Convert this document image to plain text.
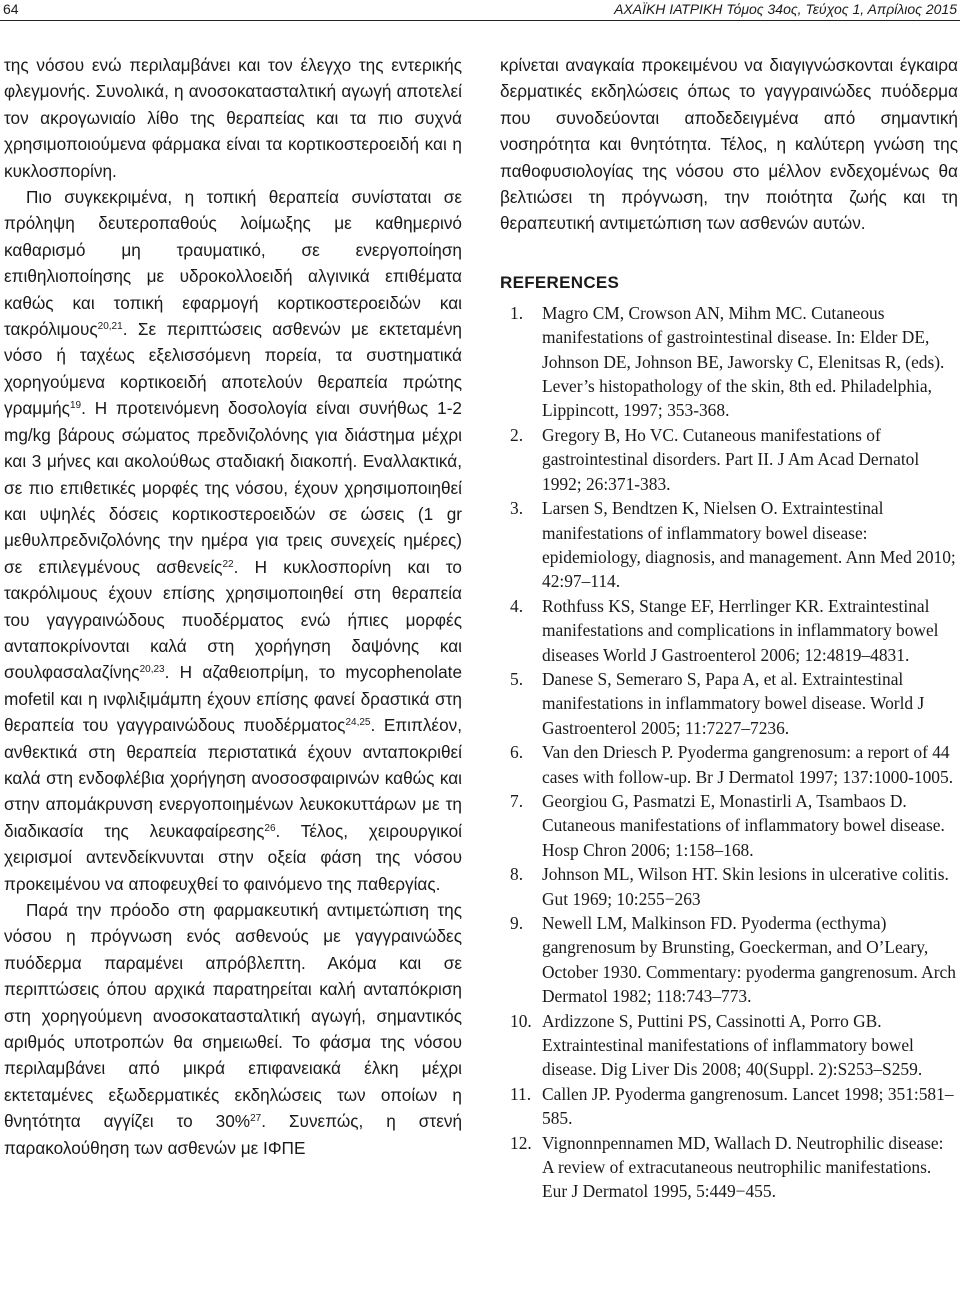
64	ΑΧΑΪΚΗ ΙΑΤΡΙΚΗ Τόμος 34ος, Τεύχος 1, Απρίλιος 2015

της νόσου ενώ περιλαμβάνει και τον έλεγχο της εντερικής φλεγμονής. Συνολικά, η ανοσοκατασταλτική αγωγή αποτελεί τον ακρογωνιαίο λίθο της θεραπείας και τα πιο συχνά χρησιμοποιούμενα φάρμακα είναι τα κορτικοστεροειδή και η κυκλοσπορίνη.

Πιο συγκεκριμένα, η τοπική θεραπεία συνίσταται σε πρόληψη δευτεροπαθούς λοίμωξης με καθημερινό καθαρισμό μη τραυματικό, σε ενεργοποίηση επιθηλιοποίησης με υδροκολλοειδή αλγινικά επιθέματα καθώς και τοπική εφαρμογή κορτικοστεροειδών και τακρόλιμους$^{20,21}$. Σε περιπτώσεις ασθενών με εκτεταμένη νόσο ή ταχέως εξελισσόμενη πορεία, τα συστηματικά χορηγούμενα κορτικοειδή αποτελούν θεραπεία πρώτης γραμμής$^{19}$. Η προτεινόμενη δοσολογία είναι συνήθως 1-2 mg/kg βάρους σώματος πρεδνιζολόνης για διάστημα μέχρι και 3 μήνες και ακολούθως σταδιακή διακοπή. Εναλλακτικά, σε πιο επιθετικές μορφές της νόσου, έχουν χρησιμοποιηθεί και υψηλές δόσεις κορτικοστεροειδών σε ώσεις (1 gr μεθυλπρεδνιζολόνης την ημέρα για τρεις συνεχείς ημέρες) σε επιλεγμένους ασθενείς$^{22}$. Η κυκλοσπορίνη και το τακρόλιμους έχουν επίσης χρησιμοποιηθεί στη θεραπεία του γαγγραινώδους πυοδέρματος ενώ ήπιες μορφές ανταποκρίνονται καλά στη χορήγηση δαψόνης και σουλφασαλαζίνης$^{20,23}$. Η αζαθειοπρίμη, το mycophenolate mofetil και η ινφλιξιμάμπη έχουν επίσης φανεί δραστικά στη θεραπεία του γαγγραινώδους πυοδέρματος$^{24,25}$. Επιπλέον, ανθεκτικά στη θεραπεία περιστατικά έχουν ανταποκριθεί καλά στη ενδοφλέβια χορήγηση ανοσοσφαιρινών καθώς και στην απομάκρυνση ενεργοποιημένων λευκοκυττάρων με τη διαδικασία της λευκαφαίρεσης$^{26}$. Τέλος, χειρουργικοί χειρισμοί αντενδείκνυνται στην οξεία φάση της νόσου προκειμένου να αποφευχθεί το φαινόμενο της παθεργίας.

Παρά την πρόοδο στη φαρμακευτική αντιμετώπιση της νόσου η πρόγνωση ενός ασθενούς με γαγγραινώδες πυόδερμα παραμένει απρόβλεπτη. Ακόμα και σε περιπτώσεις όπου αρχικά παρατηρείται καλή ανταπόκριση στη χορηγούμενη ανοσοκατασταλτική αγωγή, σημαντικός αριθμός υποτροπών θα σημειωθεί. Το φάσμα της νόσου περιλαμβάνει από μικρά επιφανειακά έλκη μέχρι εκτεταμένες εξωδερματικές εκδηλώσεις των οποίων η θνητότητα αγγίζει το 30%$^{27}$. Συνεπώς, η στενή παρακολούθηση των ασθενών με ΙΦΠΕ

κρίνεται αναγκαία προκειμένου να διαγιγνώσκονται έγκαιρα δερματικές εκδηλώσεις όπως το γαγγραινώδες πυόδερμα που συνοδεύονται αποδεδειγμένα από σημαντική νοσηρότητα και θνητότητα. Τέλος, η καλύτερη γνώση της παθοφυσιολογίας της νόσου στο μέλλον ενδεχομένως θα βελτιώσει τη πρόγνωση, την ποιότητα ζωής και τη θεραπευτική αντιμετώπιση των ασθενών αυτών.

REFERENCES
1.	Magro CM, Crowson AN, Mihm MC. Cutaneous manifestations of gastrointestinal disease. In: Elder DE, Johnson DE, Johnson BE, Jaworsky C, Elenitsas R, (eds). Lever’s histopathology of the skin, 8th ed. Philadelphia, Lippincott, 1997; 353-368.
2.	Gregory B, Ho VC. Cutaneous manifestations of gastrointestinal disorders. Part II. J Am Acad Dernatol 1992; 26:371-383.
3.	Larsen S, Bendtzen K, Nielsen O. Extraintestinal manifestations of inflammatory bowel disease: epidemiology, diagnosis, and management. Ann Med 2010; 42:97–114.
4.	Rothfuss KS, Stange EF, Herrlinger KR. Extraintestinal manifestations and complications in inflammatory bowel diseases World J Gastroenterol 2006; 12:4819–4831.
5.	Danese S, Semeraro S, Papa A, et al. Extraintestinal manifestations in inflammatory bowel disease. World J Gastroenterol 2005; 11:7227–7236.
6.	Van den Driesch P. Pyoderma gangrenosum: a report of 44 cases with follow-up. Br J Dermatol 1997; 137:1000-1005.
7.	Georgiou G, Pasmatzi E, Monastirli A, Tsambaos D. Cutaneous manifestations of inflammatory bowel disease. Hosp Chron 2006; 1:158–168.
8.	Johnson ML, Wilson HT. Skin lesions in ulcerative colitis. Gut 1969; 10:255−263
9.	Newell LM, Malkinson FD. Pyoderma (ecthyma) gangrenosum by Brunsting, Goeckerman, and O’Leary, October 1930. Commentary: pyoderma gangrenosum. Arch Dermatol 1982; 118:743–773.
10. Ardizzone S, Puttini PS, Cassinotti A, Porro GB. Extraintestinal manifestations of inflammatory bowel disease. Dig Liver Dis 2008; 40(Suppl. 2):S253–S259.
11. Callen JP. Pyoderma gangrenosum. Lancet 1998; 351:581–585.
12. Vignonnpennamen MD, Wallach D. Neutrophilic disease: A review of extracutaneous neutrophilic manifestations. Eur J Dermatol 1995, 5:449−455.
